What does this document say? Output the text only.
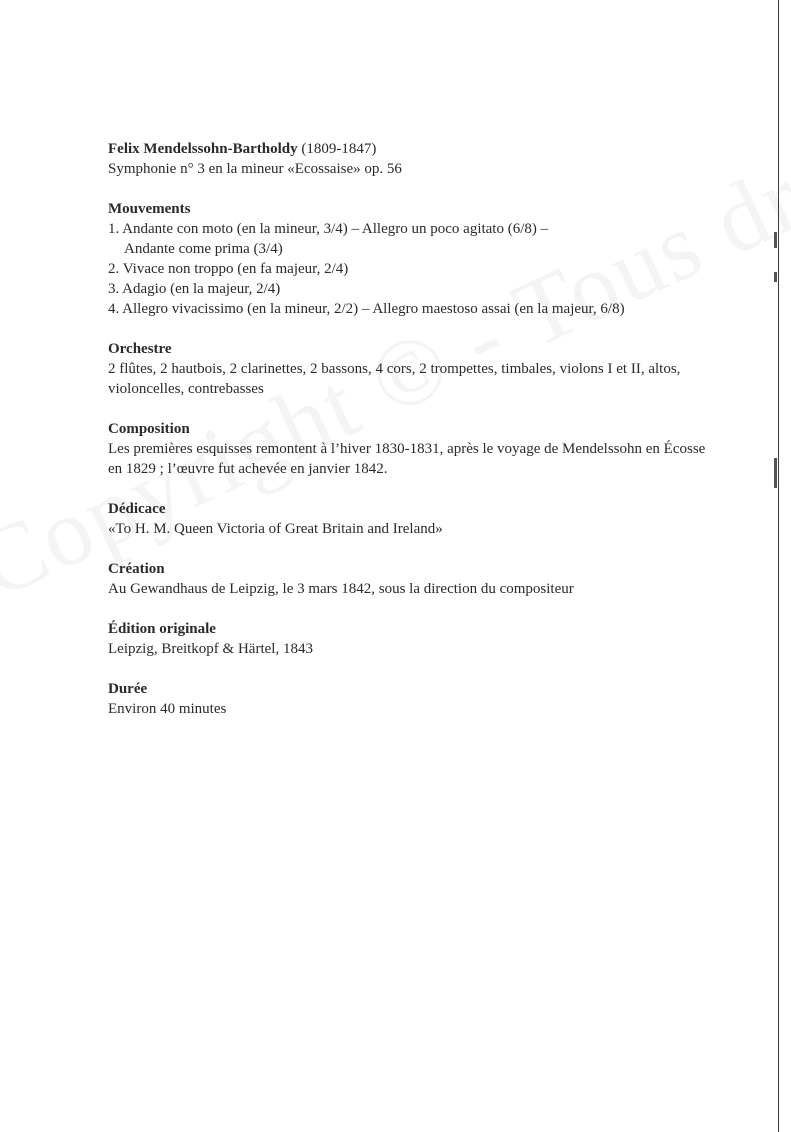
Felix Mendelssohn-Bartholdy (1809-1847)

Symphonie n° 3 en la mineur «Ecossaise» op. 56

Mouvements

1. Andante con moto (en la mineur, 3/4) – Allegro un poco agitato (6/8) –

Andante come prima (3/4)

2. Vivace non troppo (en fa majeur, 2/4)

3. Adagio (en la majeur, 2/4)

4. Allegro vivacissimo (en la mineur, 2/2) – Allegro maestoso assai (en la majeur, 6/8)

Orchestre

2 flûtes, 2 hautbois, 2 clarinettes, 2 bassons, 4 cors, 2 trompettes, timbales, violons I et II, altos, violoncelles, contrebasses

Composition

Les premières esquisses remontent à l’hiver 1830-1831, après le voyage de Mendelssohn en Écosse en 1829 ; l’œuvre fut achevée en janvier 1842.

Dédicace

«To H. M. Queen Victoria of Great Britain and Ireland»

Création

Au Gewandhaus de Leipzig, le 3 mars 1842, sous la direction du compositeur

Édition originale

Leipzig, Breitkopf & Härtel, 1843

Durée

Environ 40 minutes
